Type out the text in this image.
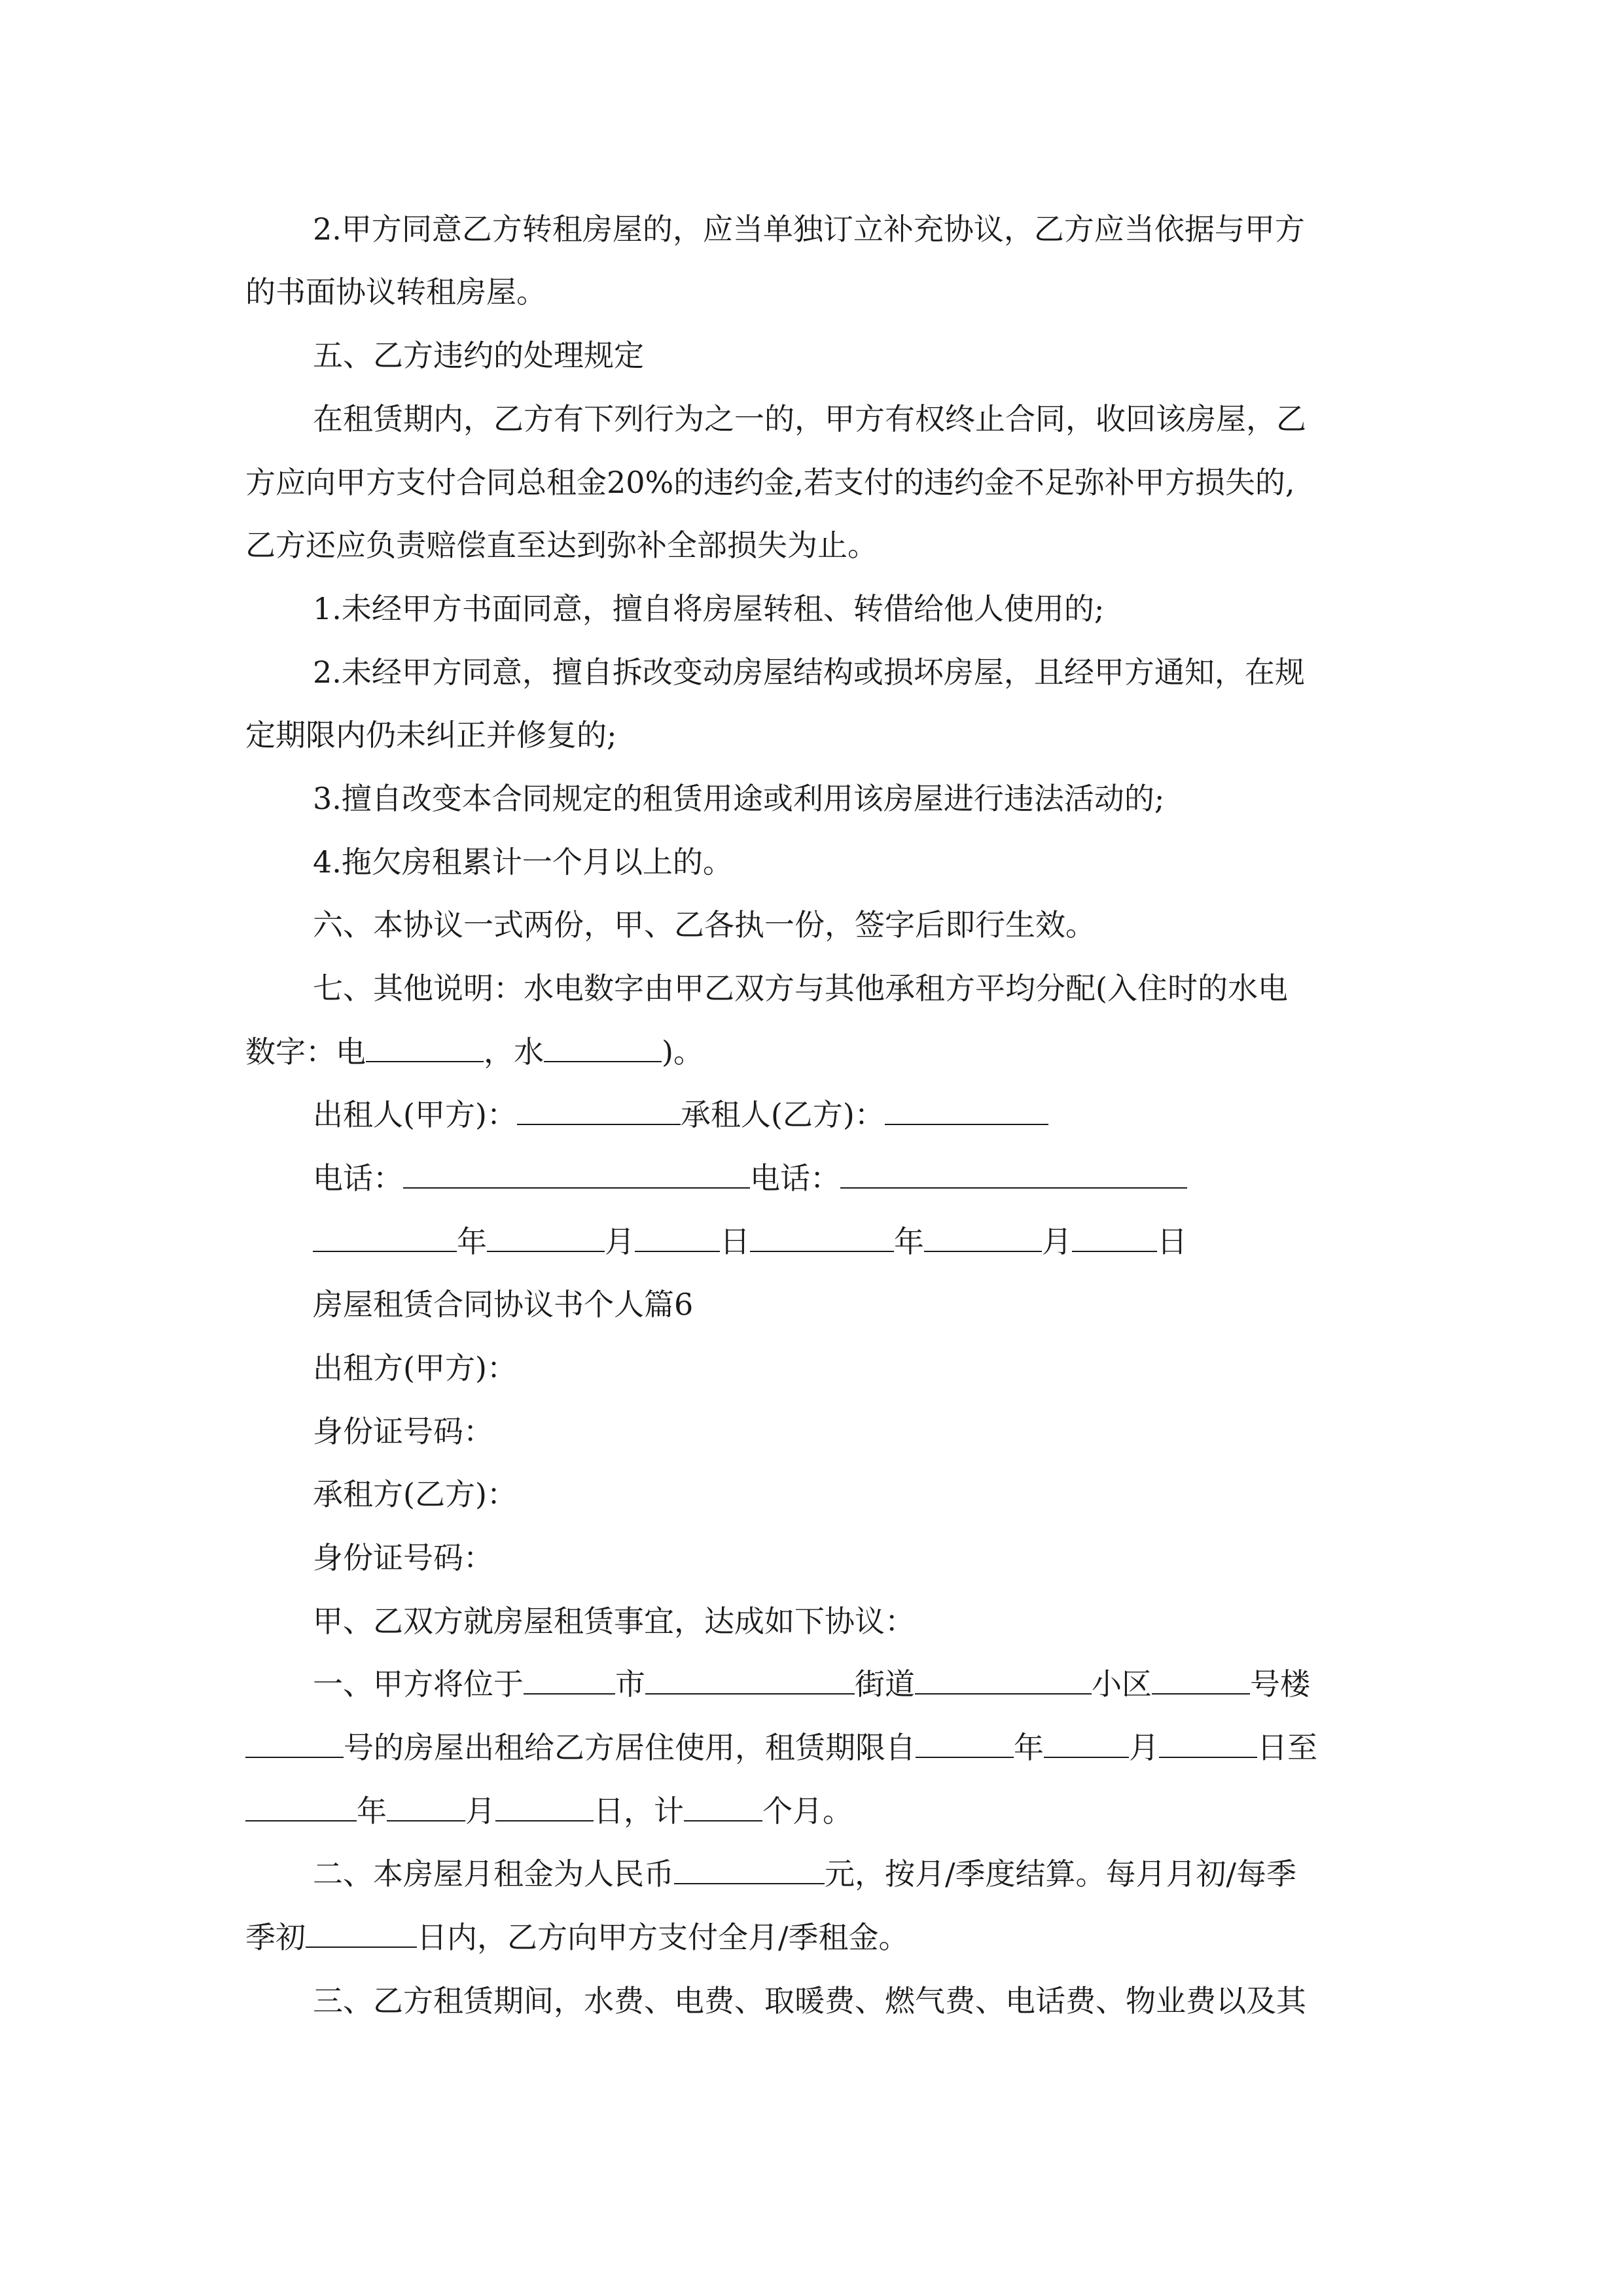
2.甲方同意乙方转租房屋的，应当单独订立补充协议，乙方应当依据与甲方
的书面协议转租房屋。
五、乙方违约的处理规定
在租赁期内，乙方有下列行为之一的，甲方有权终止合同，收回该房屋，乙
方应向甲方支付合同总租金20%的违约金,若支付的违约金不足弥补甲方损失的,
乙方还应负责赔偿直至达到弥补全部损失为止。
1.未经甲方书面同意，擅自将房屋转租、转借给他人使用的;
2.未经甲方同意，擅自拆改变动房屋结构或损坏房屋，且经甲方通知，在规
定期限内仍未纠正并修复的;
3.擅自改变本合同规定的租赁用途或利用该房屋进行违法活动的;
4.拖欠房租累计一个月以上的。
六、本协议一式两份，甲、乙各执一份，签字后即行生效。
七、其他说明：水电数字由甲乙双方与其他承租方平均分配(入住时的水电
数字：电	，水	)。
出租人(甲方)：	承租人(乙方)：
电话：	电话：
年	月	日	年	月	日
房屋租赁合同协议书个人篇6
出租方(甲方)：
身份证号码：
承租方(乙方)：
身份证号码：
甲、乙双方就房屋租赁事宜，达成如下协议：
一、甲方将位于	市	街道	小区	号楼
号的房屋出租给乙方居住使用，租赁期限自	年	月	日至
年	月	日，计	个月。
二、本房屋月租金为人民币	元，按月/季度结算。每月月初/每季
季初	日内，乙方向甲方支付全月/季租金。
三、乙方租赁期间，水费、电费、取暖费、燃气费、电话费、物业费以及其
